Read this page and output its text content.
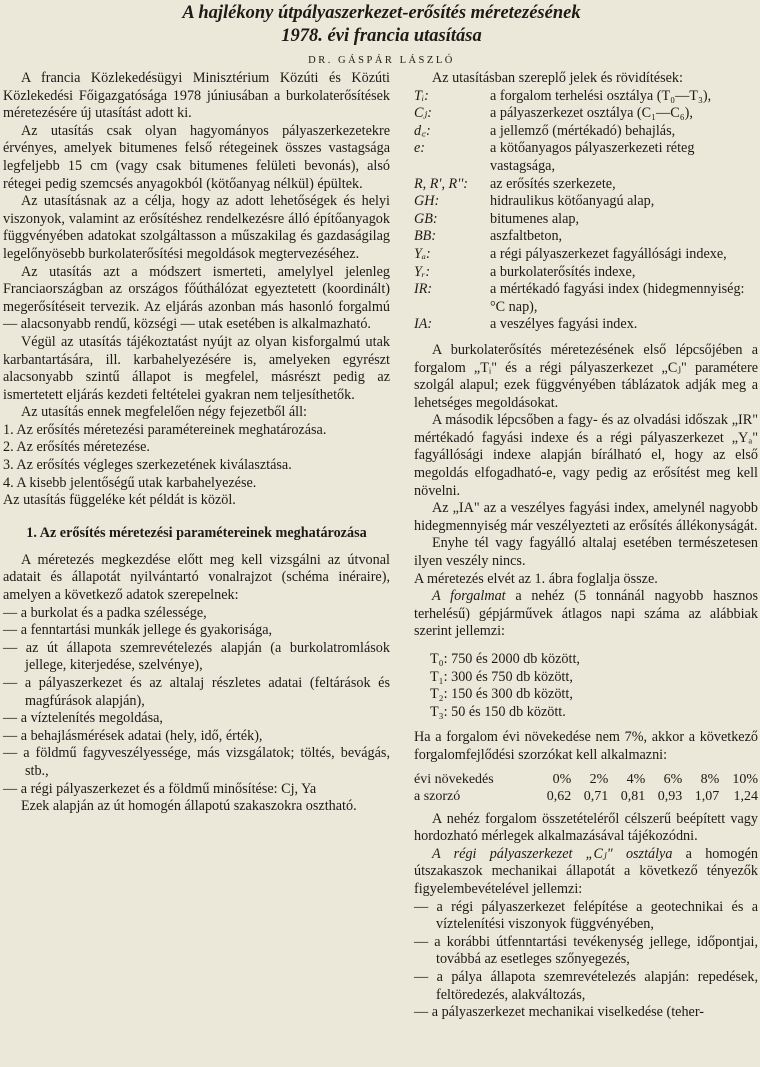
A hajlékony útpályaszerkezet-erősítés méretezésének
1978. évi francia utasítása

DR. GÁSPÁR LÁSZLÓ

A francia Közlekedésügyi Minisztérium Közúti és Közúti Közlekedési Főigazgatósága 1978 júniusában a burkolaterősítések méretezésére új utasítást adott ki.

Az utasítás csak olyan hagyományos pályaszerkezetekre érvényes, amelyek bitumenes felső rétegeinek összes vastagsága legfeljebb 15 cm (vagy csak bitumenes felületi bevonás), alsó rétegei pedig szemcsés anyagokból (kötőanyag nélkül) épültek.

Az utasításnak az a célja, hogy az adott lehetőségek és helyi viszonyok, valamint az erősítéshez rendelkezésre álló építőanyagok függvényében adatokat szolgáltasson a műszakilag és gazdaságilag legelőnyösebb burkolaterősítési megoldások megtervezéséhez.

Az utasítás azt a módszert ismerteti, amelylyel jelenleg Franciaországban az országos főúthálózat egyeztetett (koordinált) megerősítéseit tervezik. Az eljárás azonban más hasonló forgalmú — alacsonyabb rendű, községi — utak esetében is alkalmazható.

Végül az utasítás tájékoztatást nyújt az olyan kisforgalmú utak karbantartására, ill. karbahelyezésére is, amelyeken egyrészt alacsonyabb szintű állapot is megfelel, másrészt pedig az ismertetett eljárás kezdeti feltételei gyakran nem teljesíthetők.

Az utasítás ennek megfelelően négy fejezetből áll:

1. Az erősítés méretezési paramétereinek meghatározása.

2. Az erősítés méretezése.

3. Az erősítés végleges szerkezetének kiválasztása.

4. A kisebb jelentőségű utak karbahelyezése.

Az utasítás függeléke két példát is közöl.

1. Az erősítés méretezési paramétereinek meghatározása

A méretezés megkezdése előtt meg kell vizsgálni az útvonal adatait és állapotát nyilvántartó vonalrajzot (schéma inéraire), amelyen a következő adatok szerepelnek:

— a burkolat és a padka szélessége,

— a fenntartási munkák jellege és gyakorisága,

— az út állapota szemrevételezés alapján (a burkolatromlások jellege, kiterjedése, szelvénye),

— a pályaszerkezet és az altalaj részletes adatai (feltárások és magfúrások alapján),

— a víztelenítés megoldása,

— a behajlásmérések adatai (hely, idő, érték),

— a földmű fagyveszélyessége, más vizsgálatok; töltés, bevágás, stb.,

— a régi pályaszerkezet és a földmű minősítése: Cj, Ya

Ezek alapján az út homogén állapotú szakaszokra osztható.

Az utasításban szereplő jelek és rövidítések:

Tᵢ:	a forgalom terhelési osztálya (T₀—T₃),
Cⱼ:	a pályaszerkezet osztálya (C₁—C₆),
d꜀:	a jellemző (mértékadó) behajlás,
e:	a kötőanyagos pályaszerkezeti réteg vastagsága,
R, R', R'':	az erősítés szerkezete,
GH:	hidraulikus kötőanyagú alap,
GB:	bitumenes alap,
BB:	aszfaltbeton,
Yₐ:	a régi pályaszerkezet fagyállósági indexe,
Yᵣ:	a burkolaterősítés indexe,
IR:	a mértékadó fagyási index (hidegmennyiség: °C nap),
IA:	a veszélyes fagyási index.

A burkolaterősítés méretezésének első lépcsőjében a forgalom „Tᵢ" és a régi pályaszerkezet „Cⱼ" paramétere szolgál alapul; ezek függvényében táblázatok adják meg a lehetséges megoldásokat.

A második lépcsőben a fagy- és az olvadási időszak „IR" mértékadó fagyási indexe és a régi pályaszerkezet „Yₐ" fagyállósági indexe alapján bírálható el, hogy az első megoldás elfogadható-e, vagy pedig az erősítést meg kell növelni.

Az „IA" az a veszélyes fagyási index, amelynél nagyobb hidegmennyiség már veszélyezteti az erősítés állékonyságát.

Enyhe tél vagy fagyálló altalaj esetében természetesen ilyen veszély nincs.

A méretezés elvét az 1. ábra foglalja össze.

A forgalmat a nehéz (5 tonnánál nagyobb hasznos terhelésű) gépjárművek átlagos napi száma az alábbiak szerint jellemzi:

T₀: 750 és 2000 db között,

T₁: 300 és 750 db között,

T₂: 150 és 300 db között,

T₃: 50 és 150 db között.

Ha a forgalom évi növekedése nem 7%, akkor a következő forgalomfejlődési szorzókat kell alkalmazni:

évi növekedés	0%	2%	4%	6%	8%	10%
a szorzó	0,62	0,71	0,81	0,93	1,07	1,24

A nehéz forgalom összetételéről célszerű beépített vagy hordozható mérlegek alkalmazásával tájékozódni.

A régi pályaszerkezet „Cⱼ" osztálya a homogén útszakaszok mechanikai állapotát a következő tényezők figyelembevételével jellemzi:

— a régi pályaszerkezet felépítése a geotechnikai és a víztelenítési viszonyok függvényében,

— a korábbi útfenntartási tevékenység jellege, időpontjai, továbbá az esetleges szőnyegezés,

— a pálya állapota szemrevételezés alapján: repedések, feltöredezés, alakváltozás,

— a pályaszerkezet mechanikai viselkedése (teher-
